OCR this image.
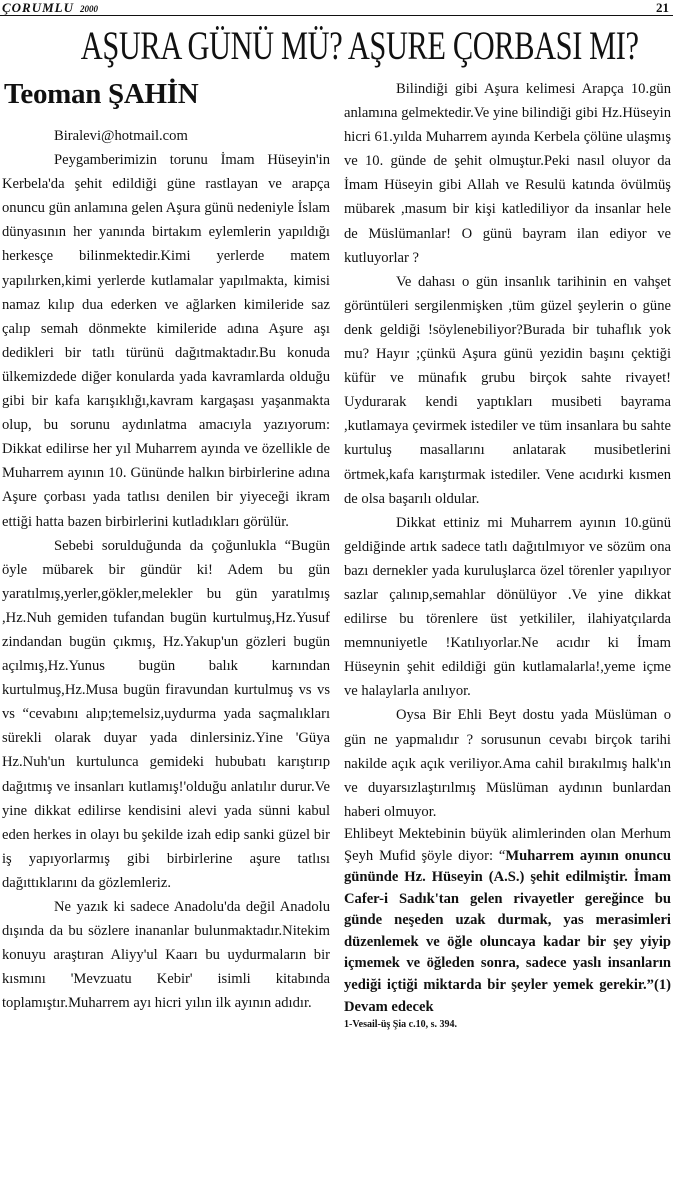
ÇORUMLU 2000	21
AŞURA GÜNÜ MÜ? AŞURE ÇORBASI MI?
Teoman ŞAHİN

Biralevi@hotmail.com

Peygamberimizin torunu İmam Hüseyin'in Kerbela'da şehit edildiği güne rastlayan ve arapça onuncu gün anlamına gelen Aşura günü nedeniyle İslam dünyasının her yanında birtakım eylemlerin yapıldığı herkesçe bilinmektedir.Kimi yerlerde matem yapılırken,kimi yerlerde kutlamalar yapılmakta, kimisi namaz kılıp dua ederken ve ağlarken kimileride saz çalıp semah dönmekte kimileride adına Aşure aşı dedikleri bir tatlı türünü dağıtmaktadır.Bu konuda ülkemizdede diğer konularda yada kavramlarda olduğu gibi bir kafa karışıklığı,kavram kargaşası yaşanmakta olup, bu sorunu aydınlatma amacıyla yazıyorum: Dikkat edilirse her yıl Muharrem ayında ve özellikle de Muharrem ayının 10. Gününde halkın birbirlerine adına Aşure çorbası yada tatlısı denilen bir yiyeceği ikram ettiği hatta bazen birbirlerini kutladıkları görülür.

Sebebi sorulduğunda da çoğunlukla “Bugün öyle mübarek bir gündür ki! Adem bu gün yaratılmış,yerler,gökler,melekler bu gün yaratılmış ,Hz.Nuh gemiden tufandan bugün kurtulmuş,Hz.Yusuf zindandan bugün çıkmış, Hz.Yakup'un gözleri bugün açılmış,Hz.Yunus bugün balık karnından kurtulmuş,Hz.Musa bugün firavundan kurtulmuş vs vs vs “cevabını alıp;temelsiz,uydurma yada saçmalıkları sürekli olarak duyar yada dinlersiniz.Yine 'Güya Hz.Nuh'un kurtulunca gemideki hububatı karıştırıp dağıtmış ve insanları kutlamış!'olduğu anlatılır durur.Ve yine dikkat edilirse kendisini alevi yada sünni kabul eden herkes in olayı bu şekilde izah edip sanki güzel bir iş yapıyorlarmış gibi birbirlerine aşure tatlısı dağıttıklarını da gözlemleriz.

Ne yazık ki sadece Anadolu'da değil Anadolu dışında da bu sözlere inananlar bulunmaktadır.Nitekim konuyu araştıran Aliyy'ul Kaarı bu uydurmaların bir kısmını 'Mevzuatu Kebir' isimli kitabında toplamıştır.Muharrem ayı hicri yılın ilk ayının adıdır.

Bilindiği gibi Aşura kelimesi Arapça 10.gün anlamına gelmektedir.Ve yine bilindiği gibi Hz.Hüseyin hicri 61.yılda Muharrem ayında Kerbela çölüne ulaşmış ve 10. günde de şehit olmuştur.Peki nasıl oluyor da İmam Hüseyin gibi Allah ve Resulü katında övülmüş mübarek ,masum bir kişi katlediliyor da insanlar hele de Müslümanlar! O günü bayram ilan ediyor ve kutluyorlar ?

Ve dahası o gün insanlık tarihinin en vahşet görüntüleri sergilenmişken ,tüm güzel şeylerin o güne denk geldiği !söylenebiliyor?Burada bir tuhaflık yok mu? Hayır ;çünkü Aşura günü yezidin başını çektiği küfür ve münafık grubu birçok sahte rivayet! Uydurarak kendi yaptıkları musibeti bayrama ,kutlamaya çevirmek istediler ve tüm insanlara bu sahte kurtuluş masallarını anlatarak musibetlerini örtmek,kafa karıştırmak istediler. Vene acıdırki kısmen de olsa başarılı oldular.

Dikkat ettiniz mi Muharrem ayının 10.günü geldiğinde artık sadece tatlı dağıtılmıyor ve sözüm ona bazı dernekler yada kuruluşlarca özel törenler yapılıyor sazlar çalınıp,semahlar dönülüyor .Ve yine dikkat edilirse bu törenlere üst yetkililer, ilahiyatçılarda memnuniyetle !Katılıyorlar.Ne acıdır ki İmam Hüseynin şehit edildiği gün kutlamalarla!,yeme içme ve halaylarla anılıyor.

Oysa Bir Ehli Beyt dostu yada Müslüman o gün ne yapmalıdır ? sorusunun cevabı birçok tarihi nakilde açık açık veriliyor.Ama cahil bırakılmış halk'ın ve duyarsızlaştırılmış Müslüman aydının bunlardan haberi olmuyor.

Ehlibeyt Mektebinin büyük alimlerinden olan Merhum Şeyh Mufid şöyle diyor: “Muharrem ayının onuncu gününde Hz. Hüseyin (A.S.) şehit edilmiştir. İmam Cafer-i Sadık'tan gelen rivayetler gereğince bu günde neşeden uzak durmak, yas merasimleri düzenlemek ve öğle oluncaya kadar bir şey yiyip içmemek ve öğleden sonra, sadece yaslı insanların yediği içtiği miktarda bir şeyler yemek gerekir.”(1) Devam edecek

1-Vesail-üş Şia c.10, s. 394.
